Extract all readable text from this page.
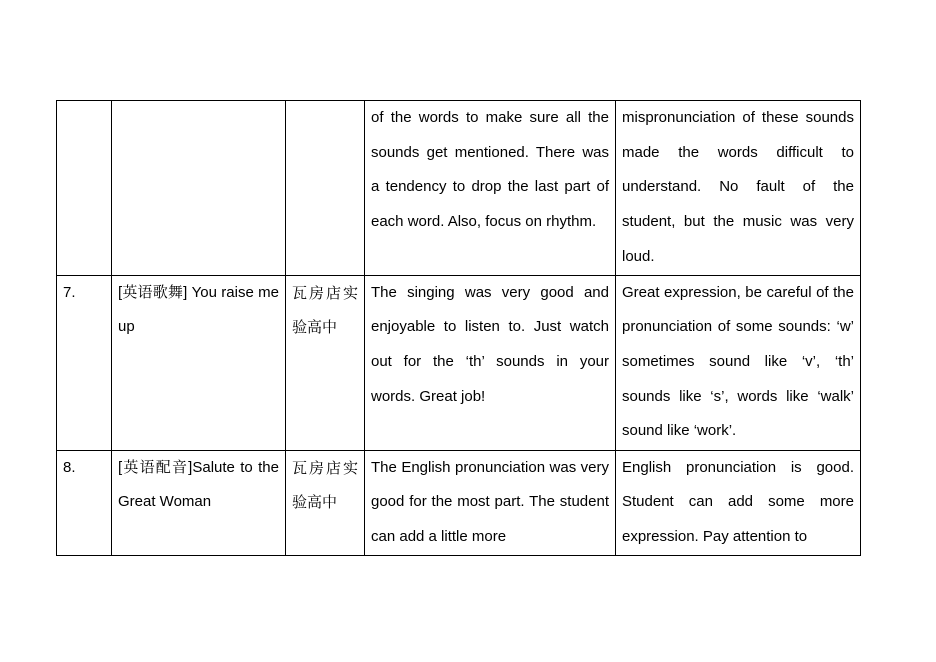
			of the words to make sure all the sounds get mentioned. There was a tendency to drop the last part of each word. Also, focus on rhythm.	mispronunciation of these sounds made the words difficult to understand. No fault of the student, but the music was very loud.
7.	[英语歌舞] You raise me up	瓦房店实验高中	The singing was very good and enjoyable to listen to. Just watch out for the ‘th’ sounds in your words. Great job!	Great expression, be careful of the pronunciation of some sounds: ‘w’ sometimes sound like ‘v’, ‘th’ sounds like ‘s’, words like ‘walk’ sound like ‘work’.
8.	[英语配音]Salute to the Great Woman	瓦房店实验高中	The English pronunciation was very good for the most part. The student can add a little more	English pronunciation is good. Student can add some more expression. Pay attention to
